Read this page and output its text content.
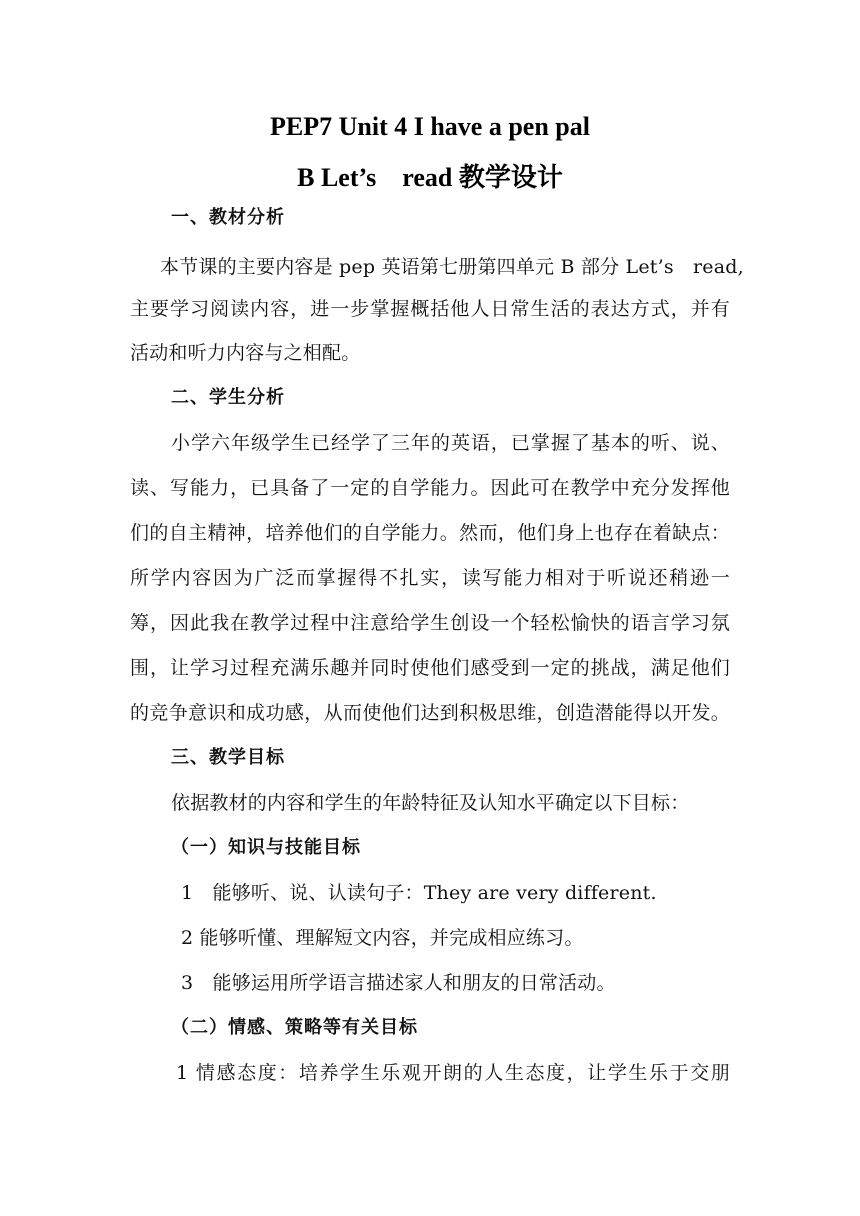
PEP7 Unit 4 I have a pen pal
B Let’s　read 教学设计
一、教材分析
本节课的主要内容是 pep 英语第七册第四单元 B 部分 Let’s　read,
主要学习阅读内容，进一步掌握概括他人日常生活的表达方式，并有
活动和听力内容与之相配。
二、学生分析
小学六年级学生已经学了三年的英语，已掌握了基本的听、说、
读、写能力，已具备了一定的自学能力。因此可在教学中充分发挥他
们的自主精神，培养他们的自学能力。然而，他们身上也存在着缺点：
所学内容因为广泛而掌握得不扎实，读写能力相对于听说还稍逊一
筹，因此我在教学过程中注意给学生创设一个轻松愉快的语言学习氛
围，让学习过程充满乐趣并同时使他们感受到一定的挑战，满足他们
的竞争意识和成功感，从而使他们达到积极思维，创造潜能得以开发。
三、教学目标
依据教材的内容和学生的年龄特征及认知水平确定以下目标：
（一）知识与技能目标
1　能够听、说、认读句子：They are very different.
2 能够听懂、理解短文内容，并完成相应练习。
3　能够运用所学语言描述家人和朋友的日常活动。
（二）情感、策略等有关目标
1 情感态度：培养学生乐观开朗的人生态度，让学生乐于交朋
